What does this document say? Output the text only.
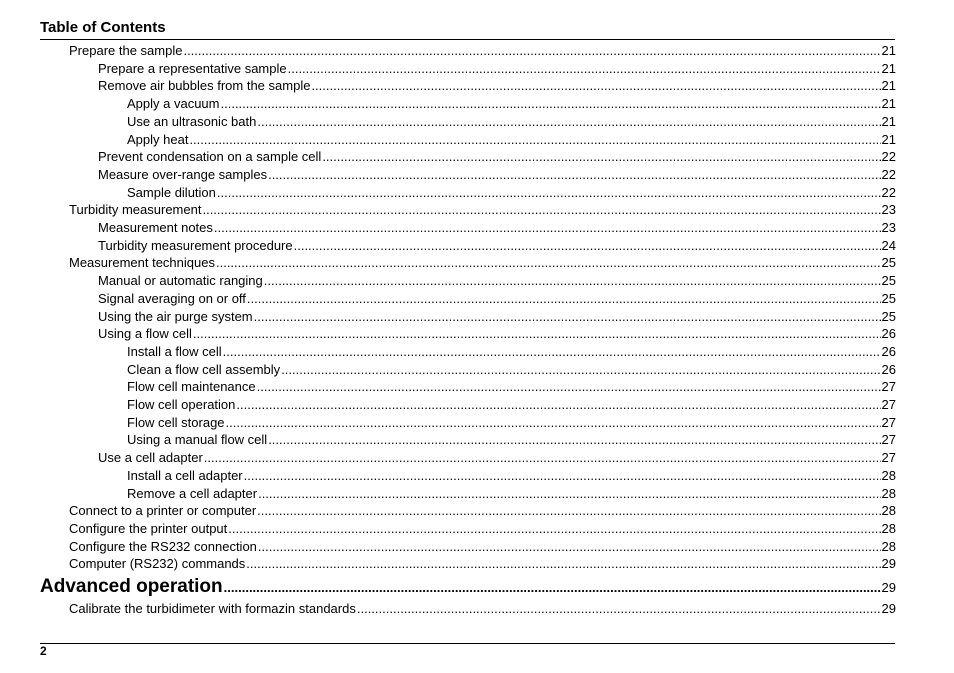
Table of Contents
Prepare the sample .....	21
Prepare a representative sample .....	21
Remove air bubbles from the sample .....	21
Apply a vacuum .....	21
Use an ultrasonic bath .....	21
Apply heat .....	21
Prevent condensation on a sample cell .....	22
Measure over-range samples .....	22
Sample dilution .....	22
Turbidity measurement .....	23
Measurement notes .....	23
Turbidity measurement procedure .....	24
Measurement techniques .....	25
Manual or automatic ranging .....	25
Signal averaging on or off .....	25
Using the air purge system .....	25
Using a flow cell .....	26
Install a flow cell .....	26
Clean a flow cell assembly .....	26
Flow cell maintenance .....	27
Flow cell operation .....	27
Flow cell storage .....	27
Using a manual flow cell .....	27
Use a cell adapter .....	27
Install a cell adapter .....	28
Remove a cell adapter .....	28
Connect to a printer or computer .....	28
Configure the printer output .....	28
Configure the RS232 connection .....	28
Computer (RS232) commands .....	29
Advanced operation .....	29
Calibrate the turbidimeter with formazin standards .....	29
2
